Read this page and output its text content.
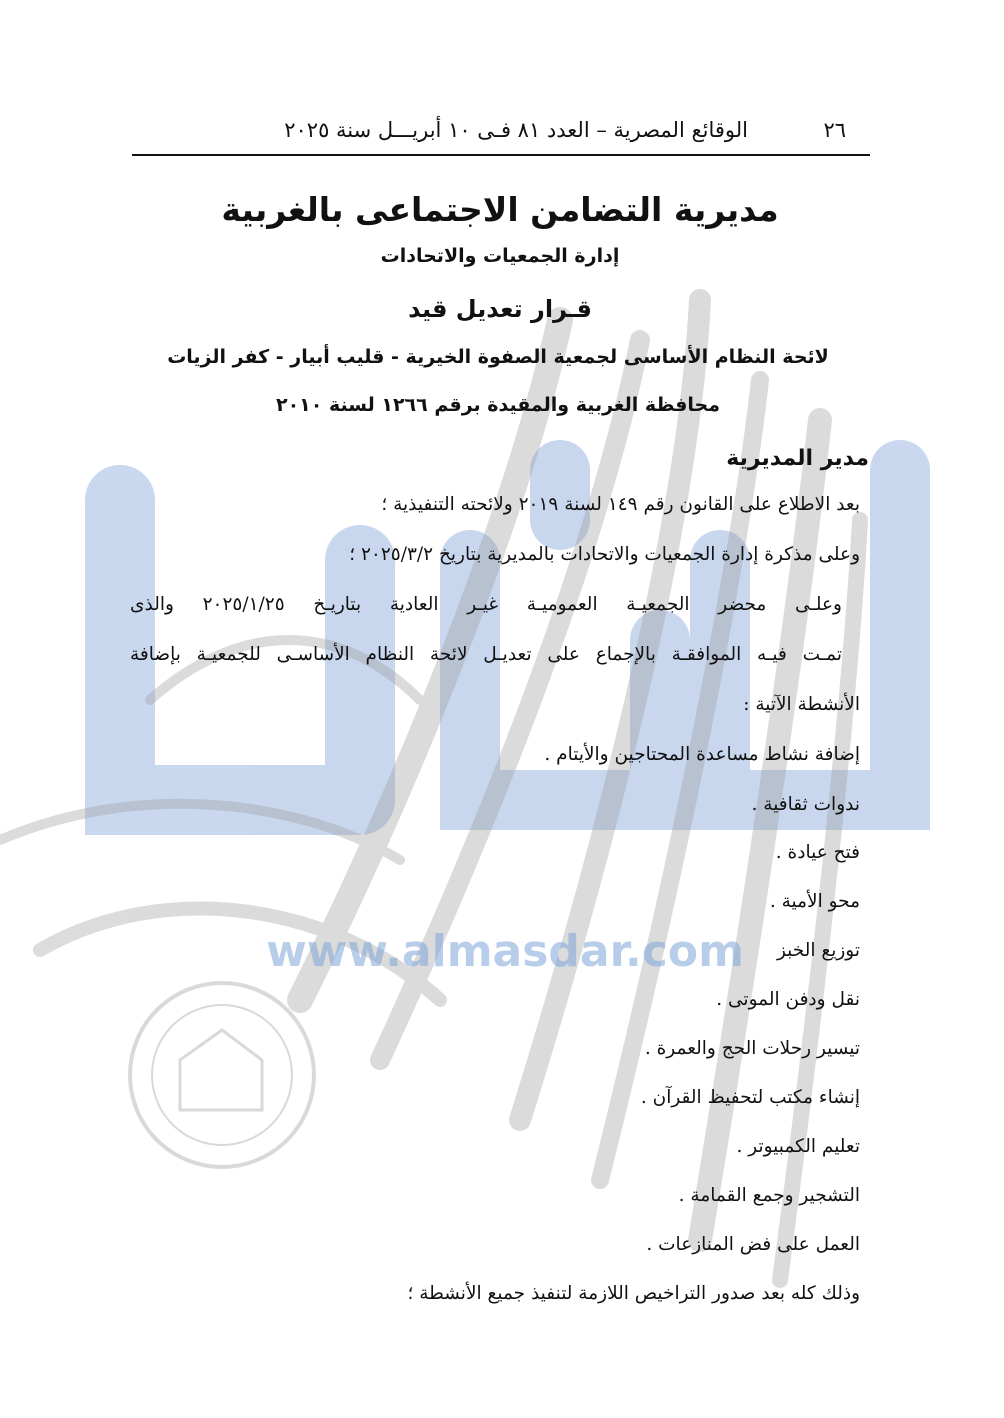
www.almasdar.com
٢٦
الوقائع المصرية – العدد ٨١ فـى ١٠ أبريـــل سنة ٢٠٢٥
مديرية التضامن الاجتماعى بالغربية
إدارة الجمعيات والاتحادات
قـرار تعديل قيد
لائحة النظام الأساسى لجمعية الصفوة الخيرية - قليب أبيار - كفر الزيات
محافظة الغربية والمقيدة برقم ١٢٦٦ لسنة ٢٠١٠
مدير المديرية
بعد الاطلاع على القانون رقم ١٤٩ لسنة ٢٠١٩ ولائحته التنفيذية ؛
وعلى مذكرة إدارة الجمعيات والاتحادات بالمديرية بتاريخ ٢٠٢٥/٣/٢ ؛
وعلـى محضر الجمعيـة العموميـة غيـر العادية بتاريـخ ٢٠٢٥/١/٢٥ والذى
تمـت فيـه الموافقـة بالإجماع على تعديـل لائحة النظام الأساسـى للجمعيـة بإضافة
الأنشطة الآتية :
إضافة نشاط مساعدة المحتاجين والأيتام .
ندوات ثقافية .
فتح عيادة .
محو الأمية .
توزيع الخبز
نقل ودفن الموتى .
تيسير رحلات الحج والعمرة .
إنشاء مكتب لتحفيظ القرآن .
تعليم الكمبيوتر .
التشجير وجمع القمامة .
العمل على فض المنازعات .
وذلك كله بعد صدور التراخيص اللازمة لتنفيذ جميع الأنشطة ؛
